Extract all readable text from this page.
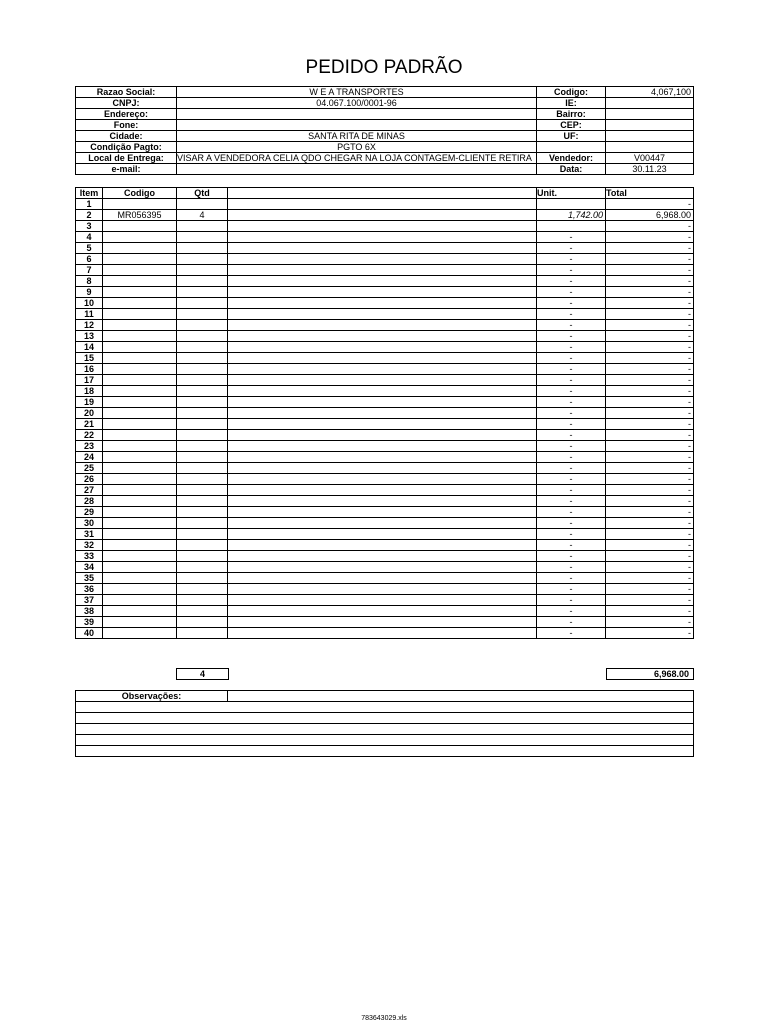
PEDIDO PADRÃO
Razao Social:	W E A TRANSPORTES	Codigo:	4,067,100
CNPJ:	04.067.100/0001-96	IE:	
Endereço:		Bairro:	
Fone:		CEP:	
Cidade:	SANTA RITA DE MINAS	UF:	
Condição Pagto:	PGTO 6X		
Local de Entrega:	VISAR A VENDEDORA CELIA QDO CHEGAR NA LOJA CONTAGEM-CLIENTE RETIRA	Vendedor:	V00447
e-mail:		Data:	30.11.23
Item	Codigo	Qtd		Unit.	Total
1					-
2	MR056395	4		1,742.00	6,968.00
3					-
4				-	-
5				-	-
6				-	-
7				-	-
8				-	-
9				-	-
10				-	-
11				-	-
12				-	-
13				-	-
14				-	-
15				-	-
16				-	-
17				-	-
18				-	-
19				-	-
20				-	-
21				-	-
22				-	-
23				-	-
24				-	-
25				-	-
26				-	-
27				-	-
28				-	-
29				-	-
30				-	-
31				-	-
32				-	-
33				-	-
34				-	-
35				-	-
36				-	-
37				-	-
38				-	-
39				-	-
40				-	-
4	6,968.00
Observações:	

783643029.xls
